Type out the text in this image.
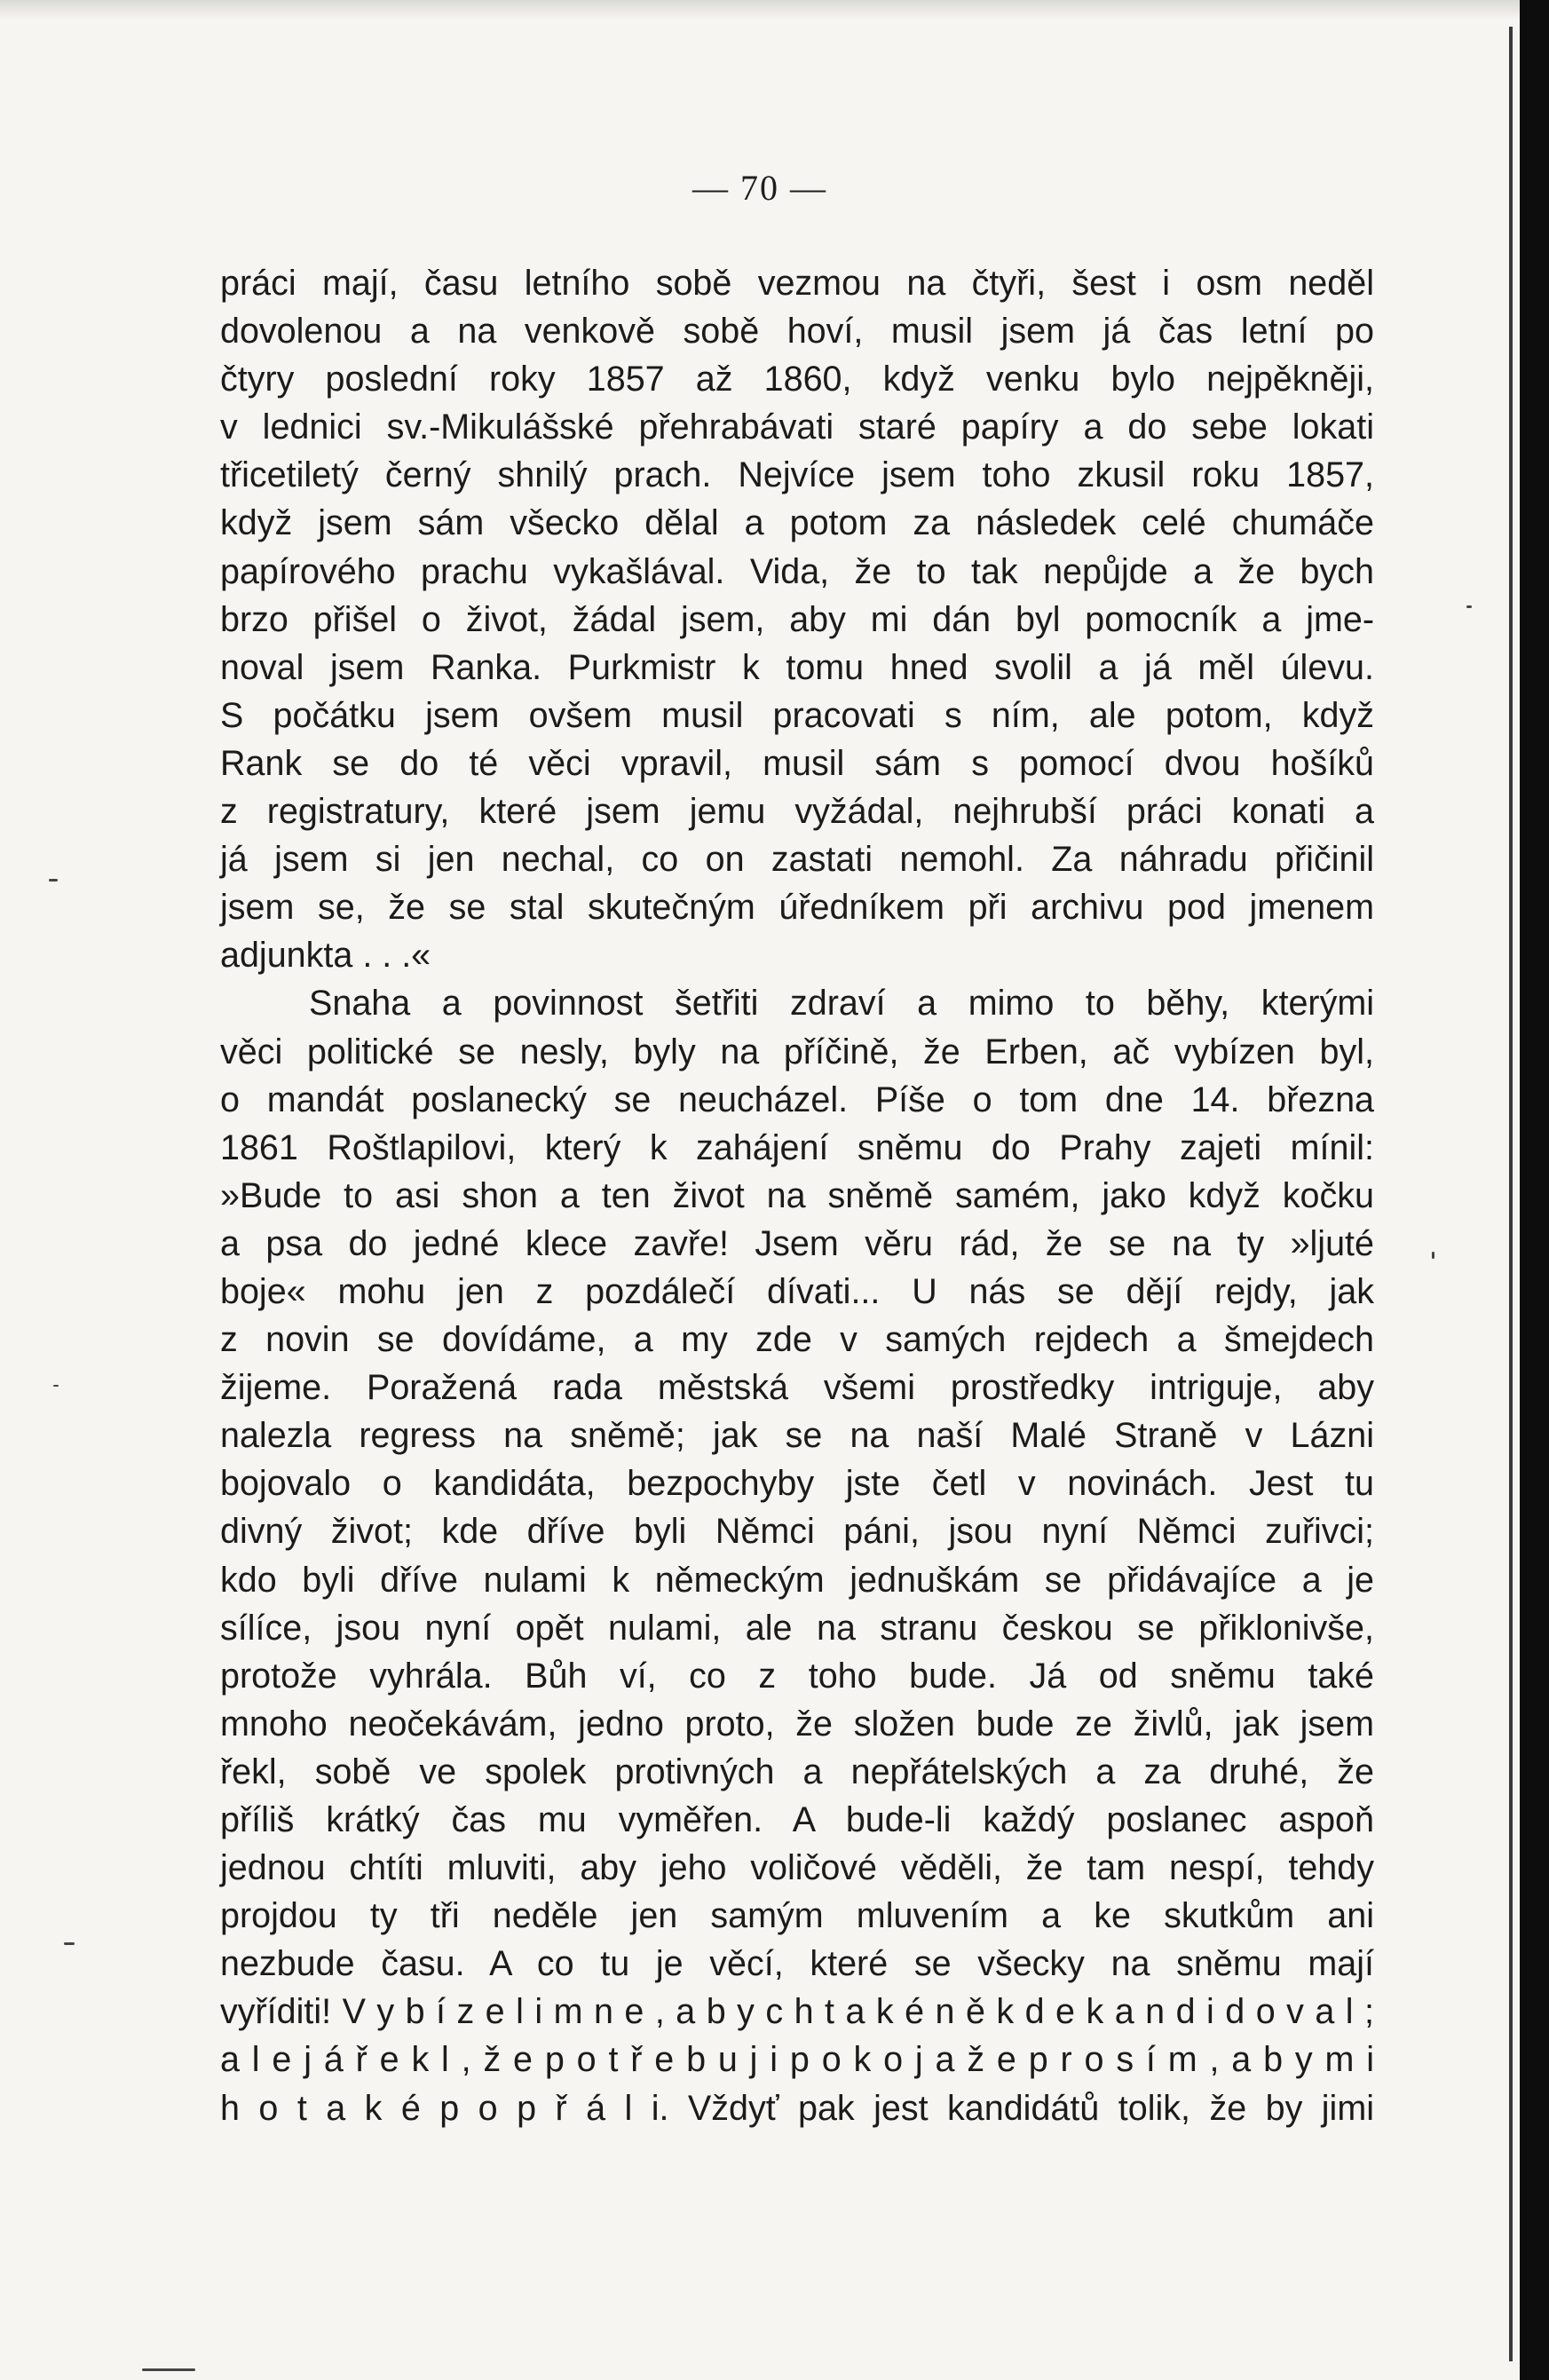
— 70 —
práci mají, času letního sobě vezmou na čtyři, šest i osm neděl
dovolenou a na venkově sobě hoví, musil jsem já čas letní po
čtyry poslední roky 1857 až 1860, když venku bylo nejpěkněji,
v lednici sv.-Mikulášské přehrabávati staré papíry a do sebe lokati
třicetiletý černý shnilý prach. Nejvíce jsem toho zkusil roku 1857,
když jsem sám všecko dělal a potom za následek celé chumáče
papírového prachu vykašlával. Vida, že to tak nepůjde a že bych
brzo přišel o život, žádal jsem, aby mi dán byl pomocník a jme-
noval jsem Ranka. Purkmistr k tomu hned svolil a já měl úlevu.
S počátku jsem ovšem musil pracovati s ním, ale potom, když
Rank se do té věci vpravil, musil sám s pomocí dvou hošíků
z registratury, které jsem jemu vyžádal, nejhrubší práci konati a
já jsem si jen nechal, co on zastati nemohl. Za náhradu přičinil
jsem se, že se stal skutečným úředníkem při archivu pod jmenem
adjunkta . . .«
Snaha a povinnost šetřiti zdraví a mimo to běhy, kterými
věci politické se nesly, byly na příčině, že Erben, ač vybízen byl,
o mandát poslanecký se neucházel. Píše o tom dne 14. března
1861 Roštlapilovi, který k zahájení sněmu do Prahy zajeti mínil:
»Bude to asi shon a ten život na sněmě samém, jako když kočku
a psa do jedné klece zavře! Jsem věru rád, že se na ty »ljuté
boje« mohu jen z pozdálečí dívati... U nás se dějí rejdy, jak
z novin se dovídáme, a my zde v samých rejdech a šmejdech
žijeme. Poražená rada městská všemi prostředky intriguje, aby
nalezla regress na sněmě; jak se na naší Malé Straně v Lázni
bojovalo o kandidáta, bezpochyby jste četl v novinách. Jest tu
divný život; kde dříve byli Němci páni, jsou nyní Němci zuřivci;
kdo byli dříve nulami k německým jednuškám se přidávajíce a je
sílíce, jsou nyní opět nulami, ale na stranu českou se přiklonivše,
protože vyhrála. Bůh ví, co z toho bude. Já od sněmu také
mnoho neočekávám, jedno proto, že složen bude ze živlů, jak jsem
řekl, sobě ve spolek protivných a nepřátelských a za druhé, že
příliš krátký čas mu vyměřen. A bude-li každý poslanec aspoň
jednou chtíti mluviti, aby jeho voličové věděli, že tam nespí, tehdy
projdou ty tři neděle jen samým mluvením a ke skutkům ani
nezbude času. A co tu je věcí, které se všecky na sněmu mají
vyříditi! V y b í z e l i m n e , a b y c h t a k é n ě k d e k a n d i d o v a l ;
a l e j á ř e k l , ž e p o t ř e b u j i p o k o j a ž e p r o s í m , a b y m i
h o t a k é p o p ř á l i. Vždyť pak jest kandidátů tolik, že by jimi
